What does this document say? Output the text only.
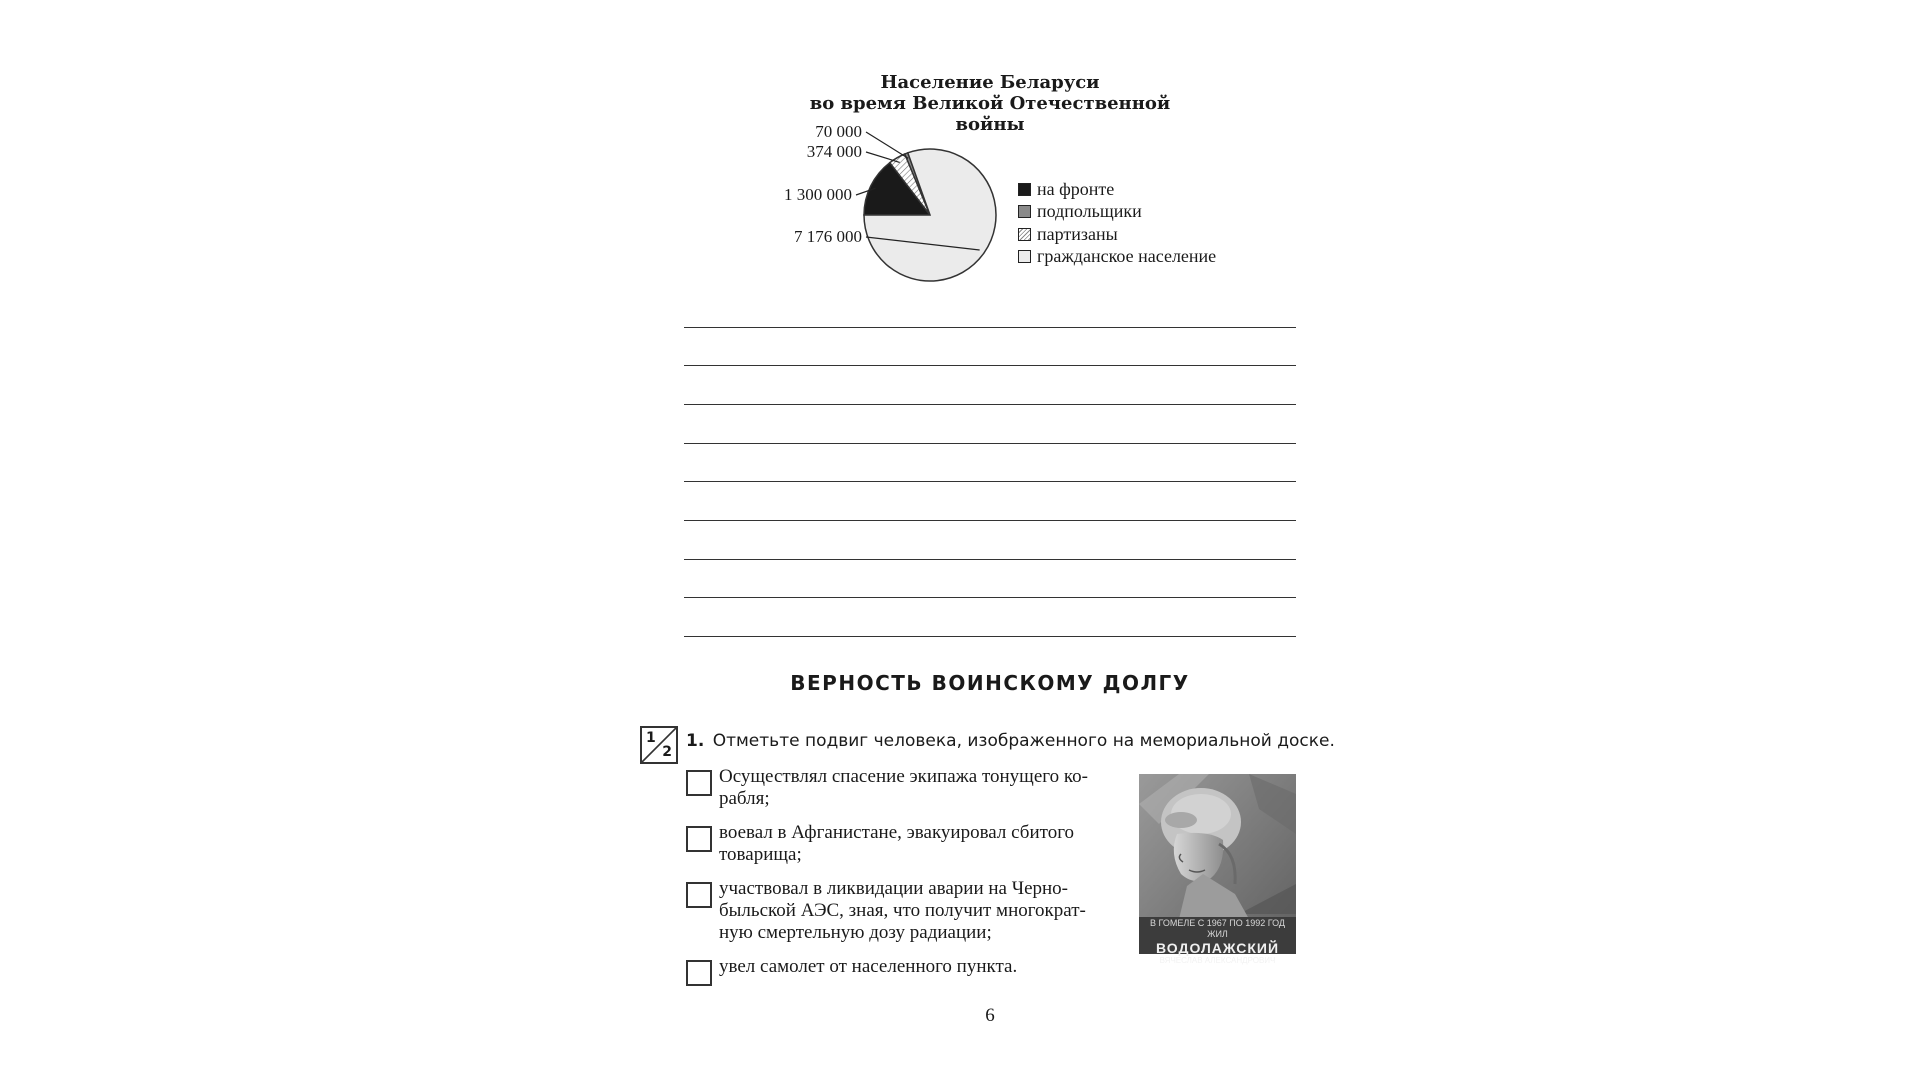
Население Беларуси
во время Великой Отечественной войны
1 300 000
374 000
70 000
7 176 000
на фронте
подпольщики
партизаны
гражданское население
ВЕРНОСТЬ ВОИНСКОМУ ДОЛГУ
1
2
1. Отметьте подвиг человека, изображенного на мемориальной доске.
Осуществлял спасение экипажа тонущего ко-
рабля;
воевал в Афганистане, эвакуировал сбитого
товарища;
участвовал в ликвидации аварии на Черно-
быльской АЭС, зная, что получит многократ-
ную смертельную дозу радиации;
увел самолет от населенного пункта.
В ГОМЕЛЕ С 1967 ПО 1992 ГОД ЖИЛ
ВОДОЛАЖСКИЙ
ВЯЧЕСЛАВ АЛЕКСАНДРОВИЧ
6
